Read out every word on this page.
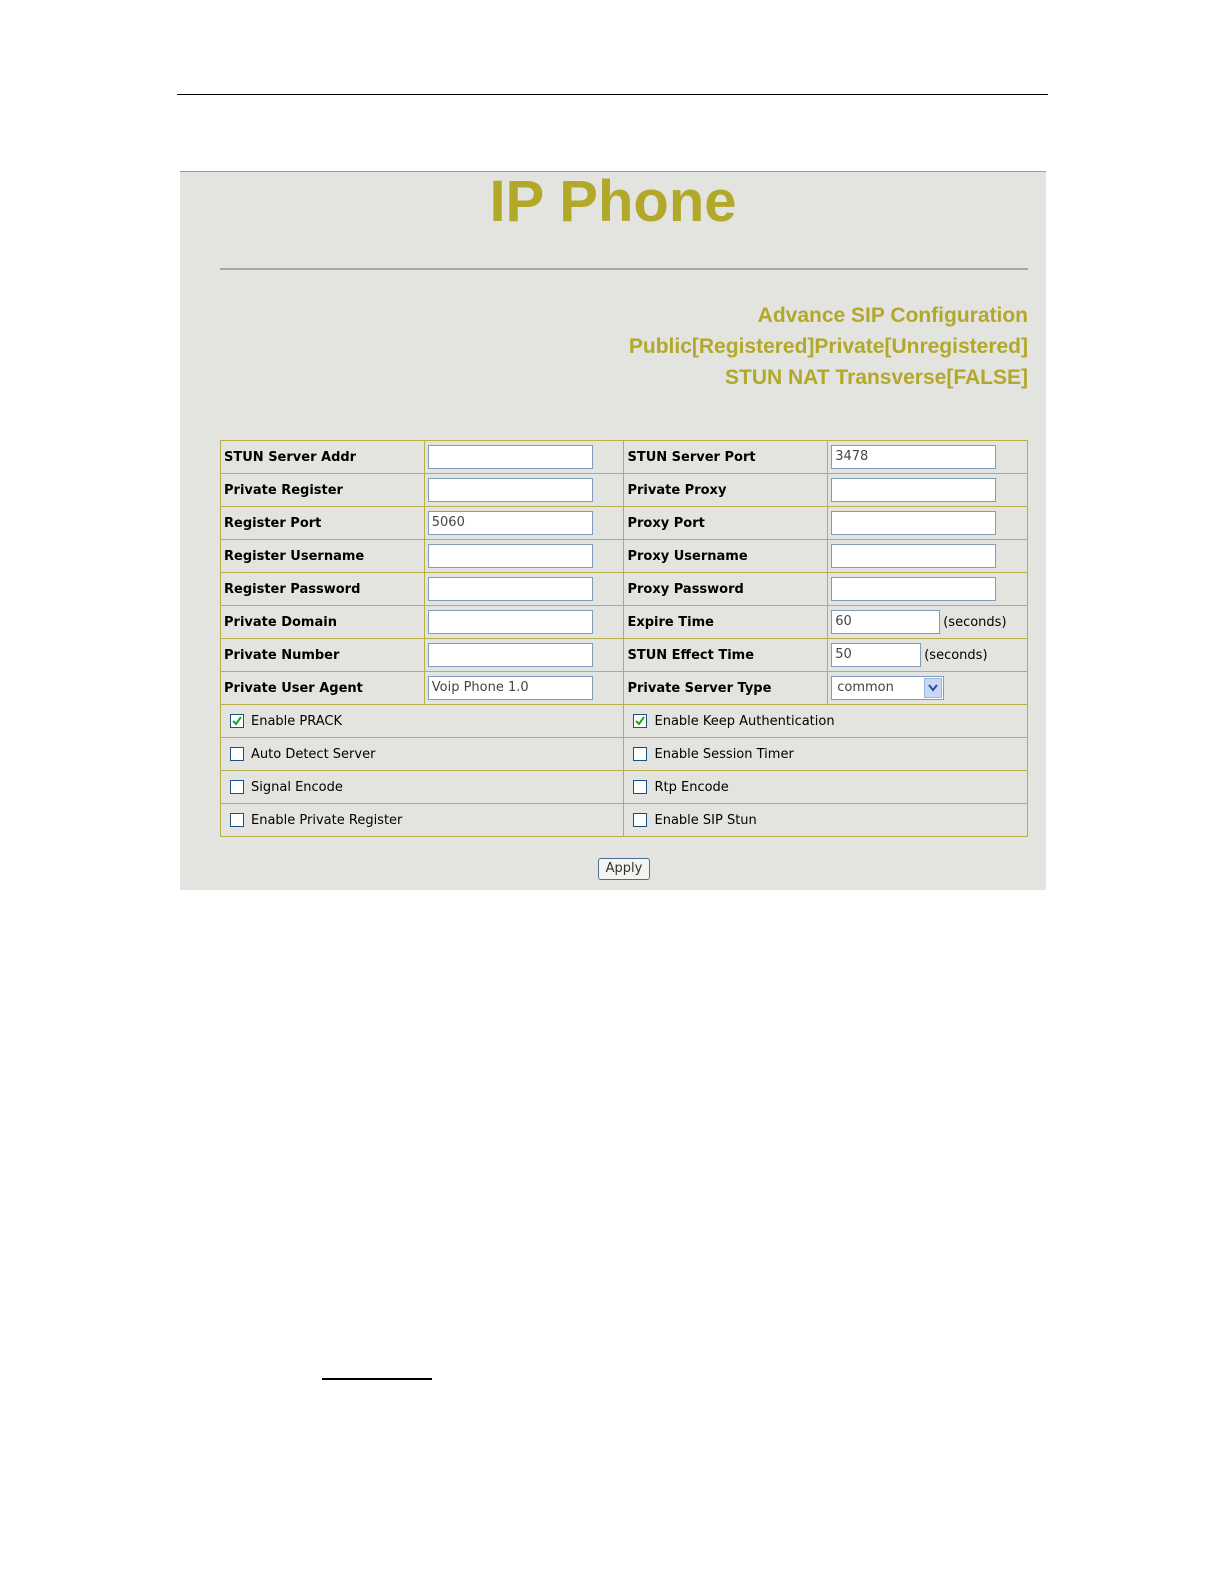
IP Phone
Advance SIP Configuration
Public[Registered]Private[Unregistered]
STUN NAT Transverse[FALSE]
STUN Server Addr		STUN Server Port	3478
Private Register		Private Proxy	
Register Port	5060	Proxy Port	
Register Username		Proxy Username	
Register Password		Proxy Password	
Private Domain		Expire Time	60 (seconds)
Private Number		STUN Effect Time	50 (seconds)
Private User Agent	Voip Phone 1.0	Private Server Type	common

Enable PRACK		Enable Keep Authentication	
Auto Detect Server		Enable Session Timer	
Signal Encode		Rtp Encode	
Enable Private Register		Enable SIP Stun	
Apply
